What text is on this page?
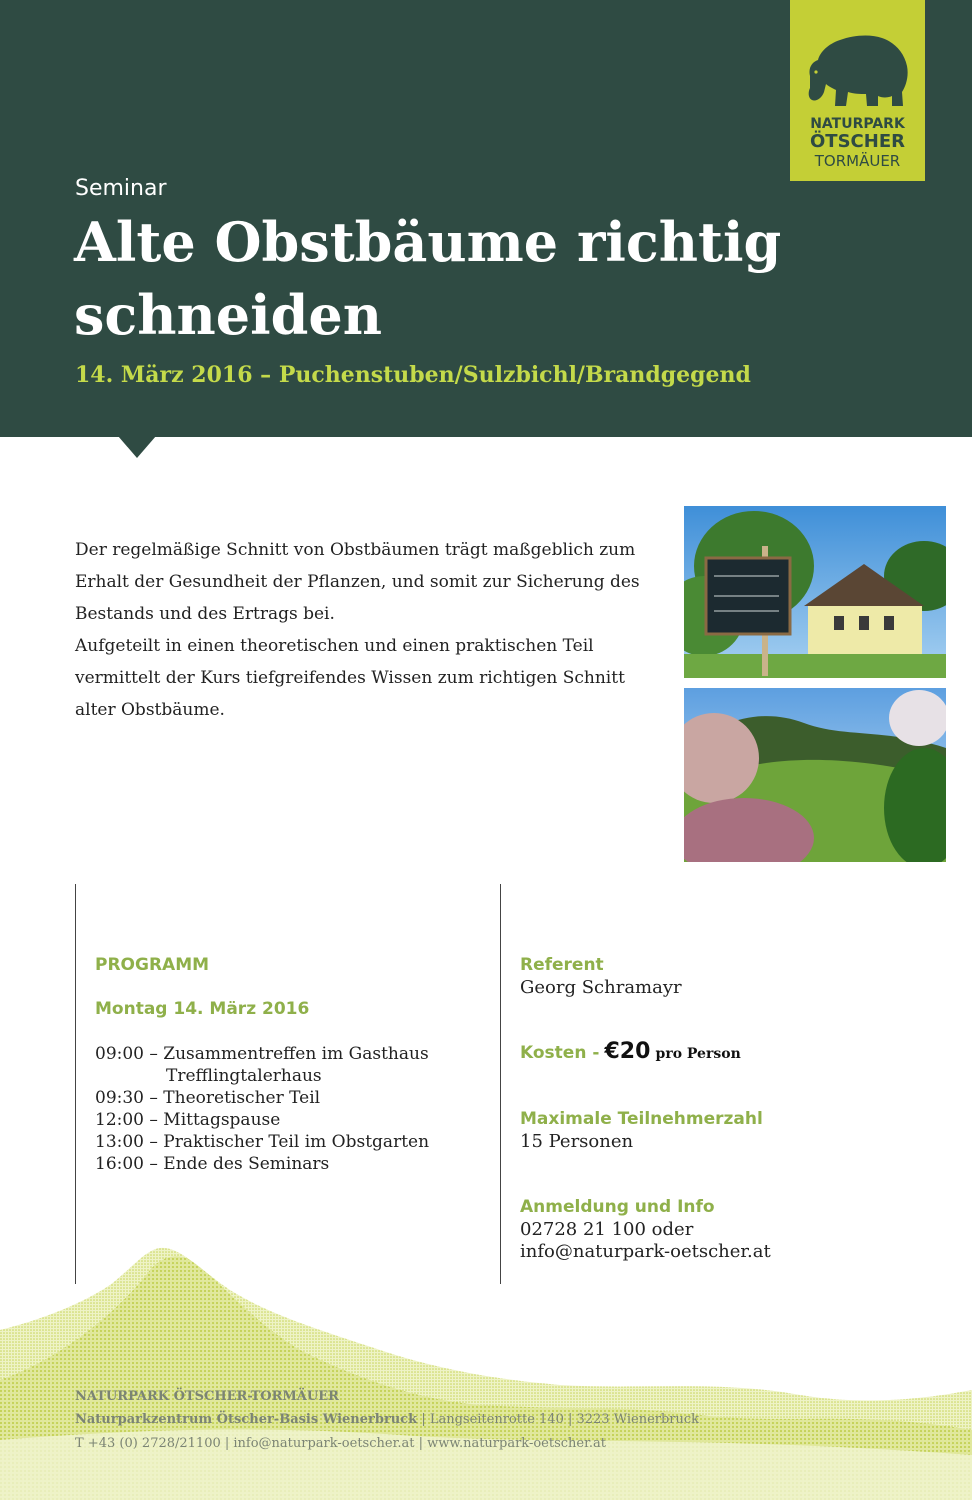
NATURPARK
ÖTSCHER
TORMÄUER
Seminar
Alte Obstbäume richtig schneiden
14. März 2016 – Puchenstuben/Sulzbichl/Brandgegend

Der regelmäßige Schnitt von Obstbäumen trägt maßgeblich zum Erhalt der Gesundheit der Pflanzen, und somit zur Sicherung des Bestands und des Ertrags bei.

Aufgeteilt in einen theoretischen und einen praktischen Teil vermittelt der Kurs tiefgreifendes Wissen zum richtigen Schnitt alter Obstbäume.

PROGRAMM
Montag 14. März 2016
09:00 – Zusammentreffen im Gasthaus
Trefflingtalerhaus
09:30 – Theoretischer Teil
12:00 – Mittagspause
13:00 – Praktischer Teil im Obstgarten
16:00 – Ende des Seminars
Referent
Georg Schramayr
Kosten - €20 pro Person
Maximale Teilnehmerzahl
15 Personen
Anmeldung und Info
02728 21 100 oder
info@naturpark-oetscher.at
NATURPARK ÖTSCHER-TORMÄUER
Naturparkzentrum Ötscher-Basis Wienerbruck | Langseitenrotte 140 | 3223 Wienerbruck
T +43 (0) 2728/21100 | info@naturpark-oetscher.at | www.naturpark-oetscher.at
